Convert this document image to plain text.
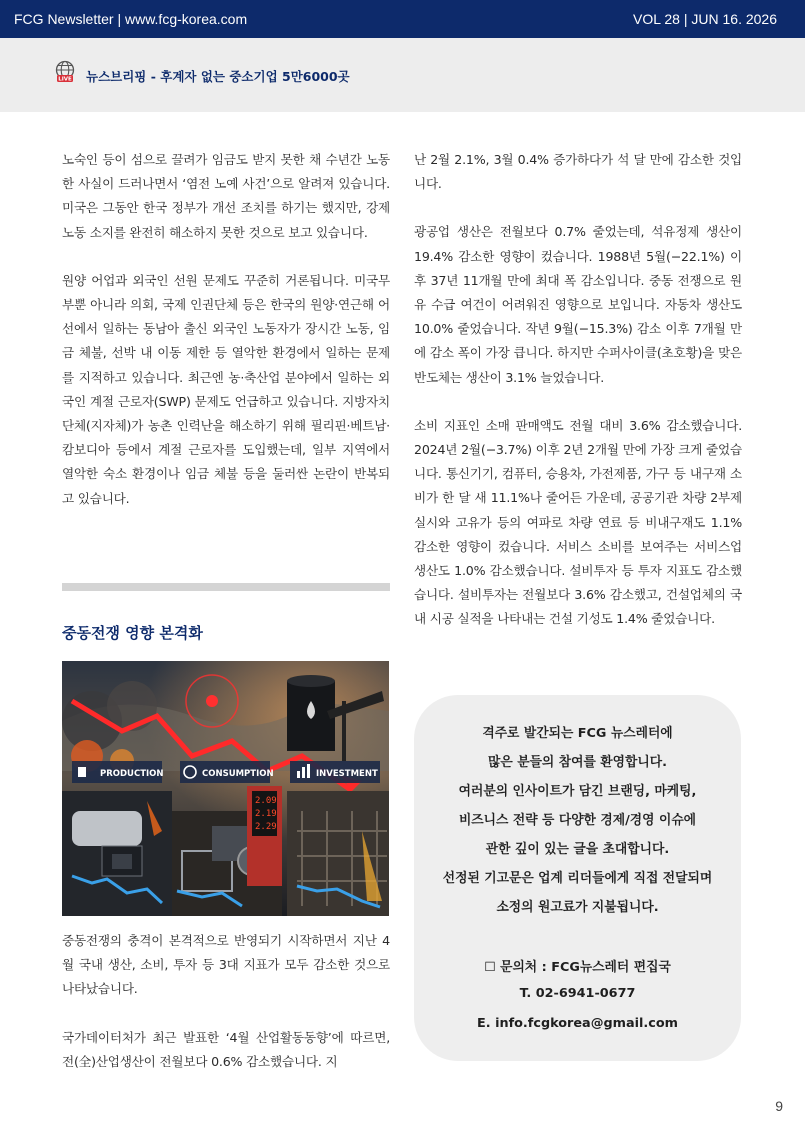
FCG Newsletter | www.fcg-korea.com	VOL 28 | JUN 16. 2026
LIVE 뉴스브리핑 - 후계자 없는 중소기업 5만6000곳

노숙인 등이 섬으로 끌려가 임금도 받지 못한 채 수년간 노동한 사실이 드러나면서 ‘염전 노예 사건’으로 알려져 있습니다. 미국은 그동안 한국 정부가 개선 조치를 하기는 했지만, 강제 노동 소지를 완전히 해소하지 못한 것으로 보고 있습니다.

원양 어업과 외국인 선원 문제도 꾸준히 거론됩니다. 미국무부뿐 아니라 의회, 국제 인권단체 등은 한국의 원양·연근해 어선에서 일하는 동남아 출신 외국인 노동자가 장시간 노동, 임금 체불, 선박 내 이동 제한 등 열악한 환경에서 일하는 문제를 지적하고 있습니다. 최근엔 농·축산업 분야에서 일하는 외국인 계절 근로자(SWP) 문제도 언급하고 있습니다. 지방자치단체(지자체)가 농촌 인력난을 해소하기 위해 필리핀·베트남·캄보디아 등에서 계절 근로자를 도입했는데, 일부 지역에서 열악한 숙소 환경이나 임금 체불 등을 둘러싼 논란이 반복되고 있습니다.

중동전쟁 영향 본격화
PRODUCTION	CONSUMPTION	INVESTMENT
2.09
2.19
2.29

중동전쟁의 충격이 본격적으로 반영되기 시작하면서 지난 4월 국내 생산, 소비, 투자 등 3대 지표가 모두 감소한 것으로 나타났습니다.

국가데이터처가 최근 발표한 ‘4월 산업활동동향’에 따르면, 전(全)산업생산이 전월보다 0.6% 감소했습니다. 지

난 2월 2.1%, 3월 0.4% 증가하다가 석 달 만에 감소한 것입니다.

광공업 생산은 전월보다 0.7% 줄었는데, 석유정제 생산이 19.4% 감소한 영향이 컸습니다. 1988년 5월(−22.1%) 이후 37년 11개월 만에 최대 폭 감소입니다. 중동 전쟁으로 원유 수급 여건이 어려워진 영향으로 보입니다. 자동차 생산도 10.0% 줄었습니다. 작년 9월(−15.3%) 감소 이후 7개월 만에 감소 폭이 가장 큽니다. 하지만 수퍼사이클(초호황)을 맞은 반도체는 생산이 3.1% 늘었습니다.

소비 지표인 소매 판매액도 전월 대비 3.6% 감소했습니다. 2024년 2월(−3.7%) 이후 2년 2개월 만에 가장 크게 줄었습니다. 통신기기, 컴퓨터, 승용차, 가전제품, 가구 등 내구재 소비가 한 달 새 11.1%나 줄어든 가운데, 공공기관 차량 2부제 실시와 고유가 등의 여파로 차량 연료 등 비내구재도 1.1% 감소한 영향이 컸습니다. 서비스 소비를 보여주는 서비스업 생산도 1.0% 감소했습니다. 설비투자 등 투자 지표도 감소했습니다. 설비투자는 전월보다 3.6% 감소했고, 건설업체의 국내 시공 실적을 나타내는 건설 기성도 1.4% 줄었습니다.

격주로 발간되는 FCG 뉴스레터에
많은 분들의 참여를 환영합니다.
여러분의 인사이트가 담긴 브랜딩, 마케팅,
비즈니스 전략 등 다양한 경제/경영 이슈에
관한 깊이 있는 글을 초대합니다.
선정된 기고문은 업계 리더들에게 직접 전달되며
소정의 원고료가 지불됩니다.
☐ 문의처 : FCG뉴스레터 편집국
T. 02-6941-0677
E. info.fcgkorea@gmail.com
9
